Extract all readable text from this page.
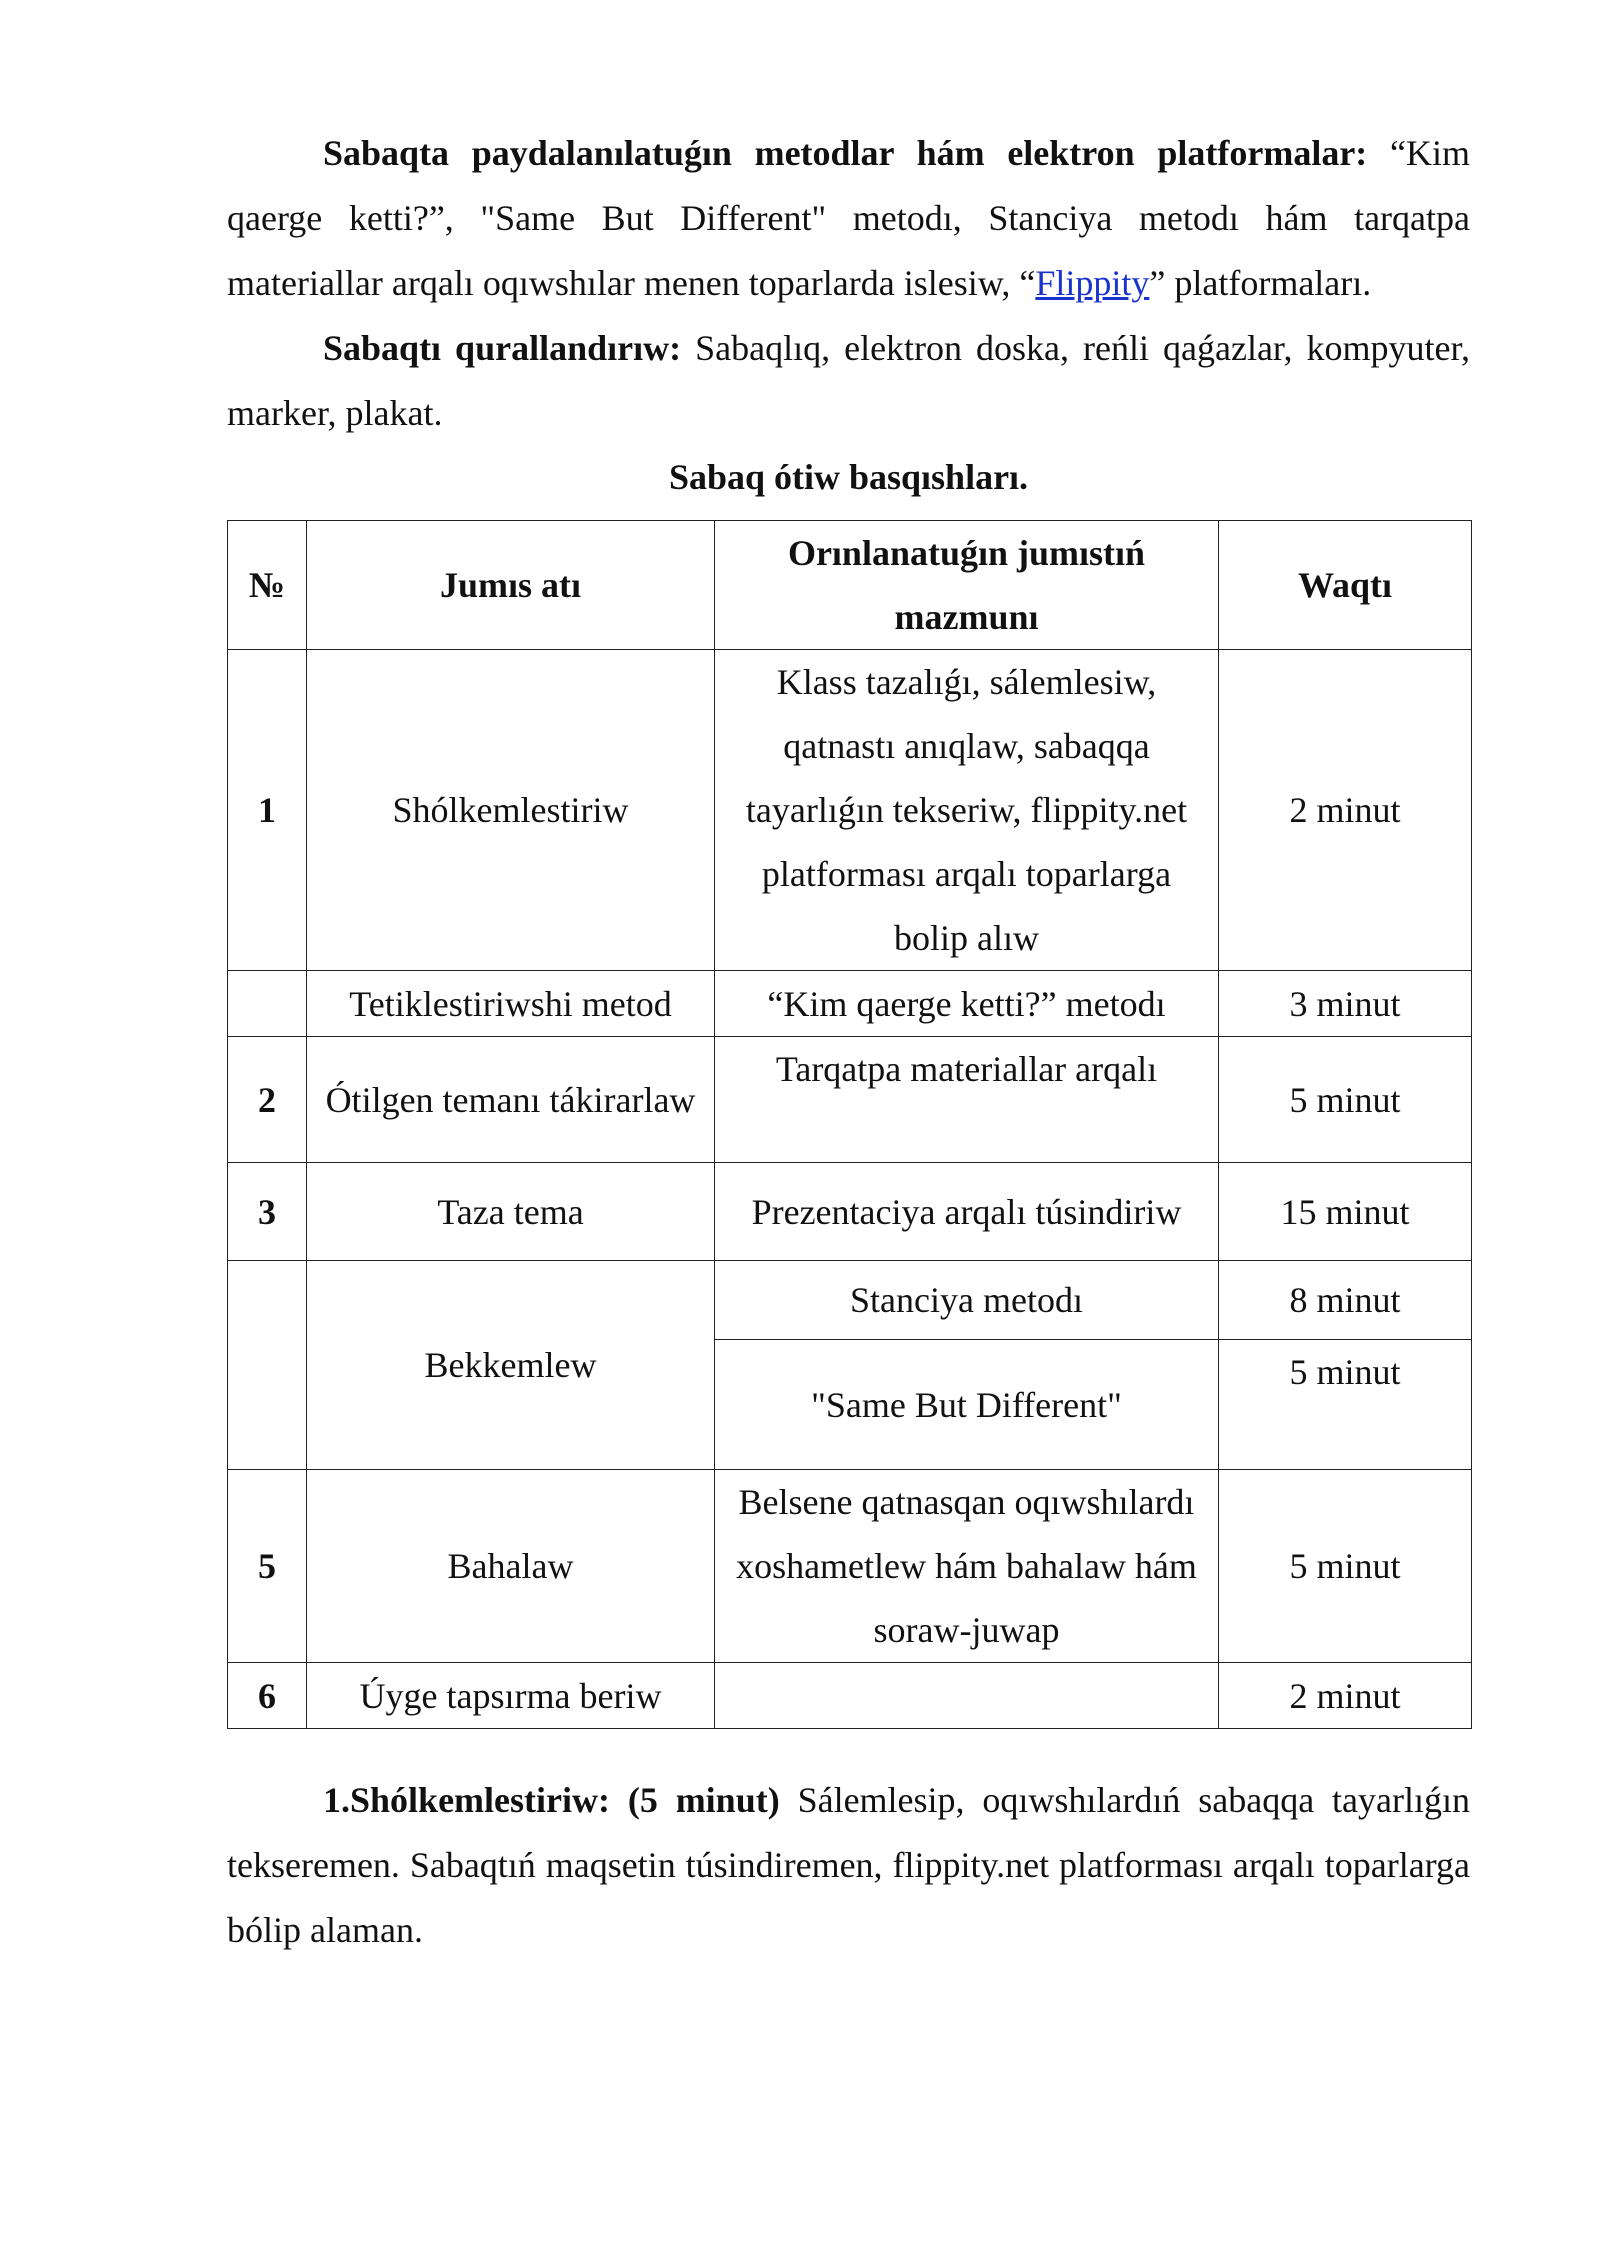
Sabaqta paydalanılatuǵın metodlar hám elektron platformalar: “Kim qaerge ketti?”, "Same But Different" metodı, Stanciya metodı hám tarqatpa materiallar arqalı oqıwshılar menen toparlarda islesiw, “Flippity” platformaları.

Sabaqtı qurallandırıw: Sabaqlıq, elektron doska, reńli qaǵazlar, kompyuter, marker, plakat.

Sabaq ótiw basqıshları.
№	Jumıs atı	Orınlanatuǵın jumıstıń mazmunı	Waqtı
1	Shólkemlestiriw	Klass tazalıǵı, sálemlesiw, qatnastı anıqlaw, sabaqqa tayarlıǵın tekseriw, flippity.net platforması arqalı toparlarga bolip alıw	2 minut
	Tetiklestiriwshi metod	“Kim qaerge ketti?” metodı	3 minut
2	Ótilgen temanı tákirarlaw	Tarqatpa materiallar arqalı	5 minut
3	Taza tema	Prezentaciya arqalı túsindiriw	15 minut
	Bekkemlew	Stanciya metodı	8 minut
		"Same But Different"	5 minut
5	Bahalaw	Belsene qatnasqan oqıwshılardı xoshametlew hám bahalaw hám soraw-juwap	5 minut
6	Úyge tapsırma beriw		2 minut

1.Shólkemlestiriw: (5 minut) Sálemlesip, oqıwshılardıń sabaqqa tayarlıǵın tekseremen. Sabaqtıń maqsetin túsindiremen, flippity.net platforması arqalı toparlarga bólip alaman.
